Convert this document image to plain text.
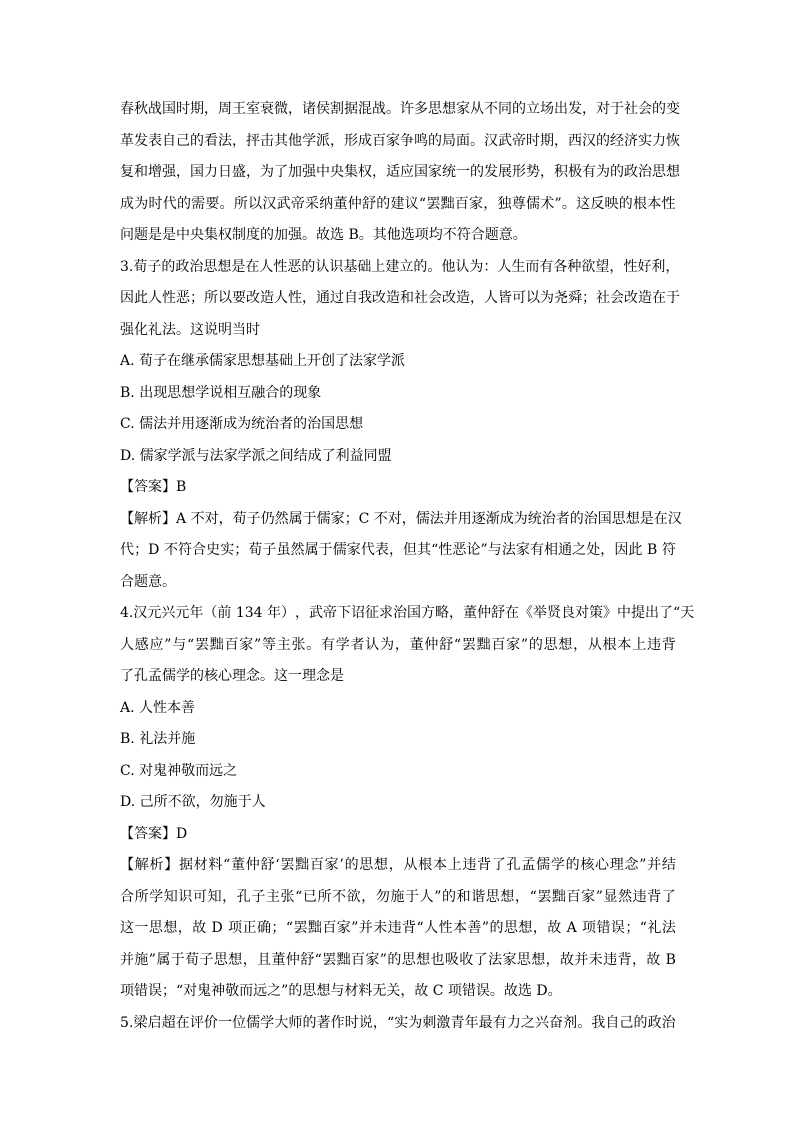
春 秋 战 国 时 期 ， 周 王 室 衰 微 ， 诸 侯 割 据 混 战 。 许 多 思 想 家 从 不 同 的 立 场 出 发 ， 对 于 社 会 的 变
革 发 表 自 己 的 看 法 ， 抨 击 其 他 学 派 ， 形 成 百 家 争 鸣 的 局 面 。 汉 武 帝 时 期 ， 西 汉 的 经 济 实 力 恢
复 和 增 强 ， 国 力 日 盛 ， 为 了 加 强 中 央 集 权 ， 适 应 国 家 统 一 的 发 展 形 势 ， 积 极 有 为 的 政 治 思 想
成 为 时 代 的 需 要 。 所 以 汉 武 帝 采 纳 董 仲 舒 的 建 议 “ 罢 黜 百 家 ， 独 尊 儒 术 ” 。 这 反 映 的 根 本 性
问题是是中央集权制度的加强。故选 B。其他选项均不符合题意。
3 . 荀 子 的 政 治 思 想 是 在 人 性 恶 的 认 识 基 础 上 建 立 的 。 他 认 为 ： 人 生 而 有 各 种 欲 望 ， 性 好 利 ，
因 此 人 性 恶 ； 所 以 要 改 造 人 性 ， 通 过 自 我 改 造 和 社 会 改 造 ， 人 皆 可 以 为 尧 舜 ； 社 会 改 造 在 于
强化礼法。这说明当时
A. 荀子在继承儒家思想基础上开创了法家学派
B. 出现思想学说相互融合的现象
C. 儒法并用逐渐成为统治者的治国思想
D. 儒家学派与法家学派之间结成了利益同盟
【答案】B
【 解 析 】 A
不 对 ， 荀 子 仍 然 属 于 儒 家 ； C
不 对 ， 儒 法 并 用 逐 渐 成 为 统 治 者 的 治 国 思 想 是 在 汉
代 ； D
不 符 合 史 实 ； 荀 子 虽 然 属 于 儒 家 代 表 ， 但 其 “ 性 恶 论 ” 与 法 家 有 相 通 之 处 ， 因 此
B
符
合题意。
4 . 汉 元 兴 元 年 （ 前
1 3 4
年 ） ， 武 帝 下 诏 征 求 治 国 方 略 ， 董 仲 舒 在 《 举 贤 良 对 策 》 中 提 出 了 “ 天
人 感 应 ” 与 “ 罢 黜 百 家 ” 等 主 张 。 有 学 者 认 为 ， 董 仲 舒 “ 罢 黜 百 家 ” 的 思 想 ， 从 根 本 上 违 背
了孔孟儒学的核心理念。这一理念是
A. 人性本善
B. 礼法并施
C. 对鬼神敬而远之
D. 己所不欲，勿施于人
【答案】D
【 解 析 】 据 材 料 “ 董 仲 舒 ‘ 罢 黜 百 家 ’ 的 思 想 ， 从 根 本 上 违 背 了 孔 孟 儒 学 的 核 心 理 念 ” 并 结
合 所 学 知 识 可 知 ， 孔 子 主 张 “ 已 所 不 欲 ， 勿 施 于 人 ” 的 和 谐 思 想 ， “ 罢 黜 百 家 ” 显 然 违 背 了
这 一 思 想 ， 故
D
项 正 确 ； “ 罢 黜 百 家 ” 并 未 违 背 “ 人 性 本 善 ” 的 思 想 ， 故
A
项 错 误 ； “ 礼 法
并 施 ” 属 于 荀 子 思 想 ， 且 董 仲 舒 “ 罢 黜 百 家 ” 的 思 想 也 吸 收 了 法 家 思 想 ， 故 并 未 违 背 ， 故
B
项错误；“对鬼神敬而远之”的思想与材料无关，故 C 项错误。故选 D。
5 . 梁 启 超 在 评 价 一 位 儒 学 大 师 的 著 作 时 说 ， “ 实 为 刺 激 青 年 最 有 力 之 兴 奋 剂 。 我 自 己 的 政 治
